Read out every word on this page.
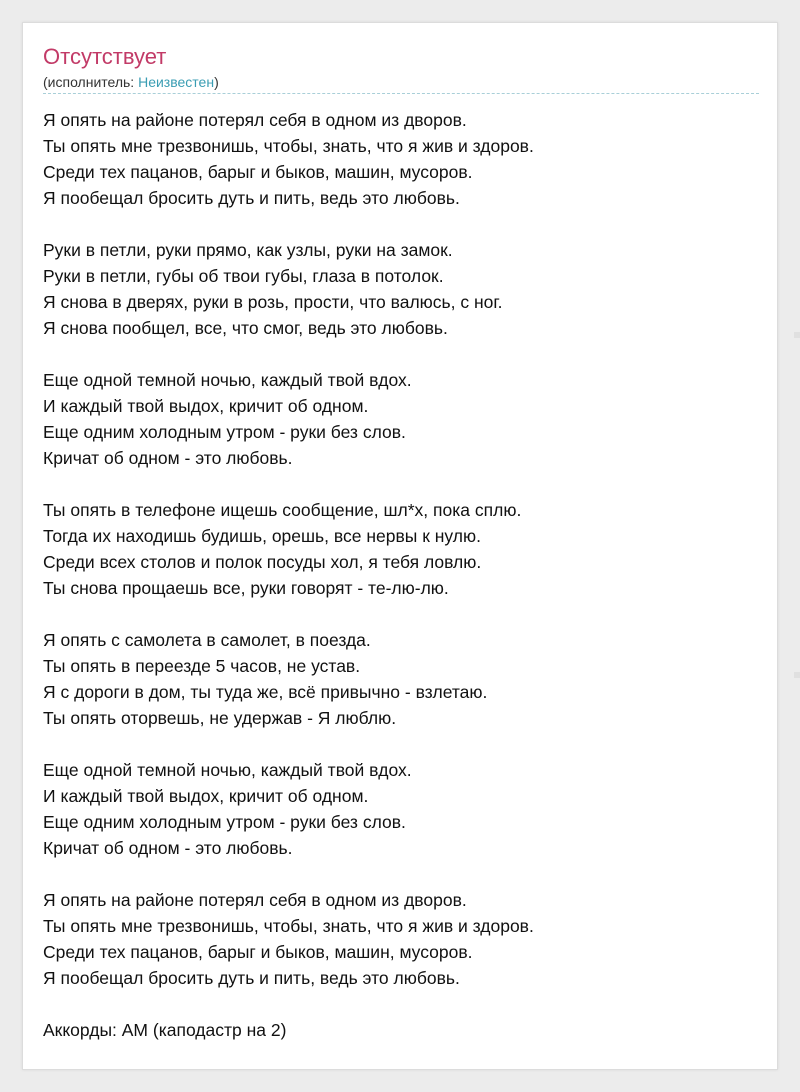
Отсутствует
(исполнитель: Неизвестен)
Я опять на районе потерял себя в одном из дворов.
Ты опять мне трезвонишь, чтобы, знать, что я жив и здоров.
Среди тех пацанов, барыг и быков, машин, мусоров.
Я пообещал бросить дуть и пить, ведь это любовь.
Руки в петли, руки прямо, как узлы, руки на замок.
Руки в петли, губы об твои губы, глаза в потолок.
Я снова в дверях, руки в розь, прости, что валюсь, с ног.
Я снова пообщел, все, что смог, ведь это любовь.
Еще одной темной ночью, каждый твой вдох.
И каждый твой выдох, кричит об одном.
Еще одним холодным утром - руки без слов.
Кричат об одном - это любовь.
Ты опять в телефоне ищешь сообщение, шл*х, пока сплю.
Тогда их находишь будишь, орешь, все нервы к нулю.
Среди всех столов и полок посуды хол, я тебя ловлю.
Ты снова прощаешь все, руки говорят - те-лю-лю.
Я опять с самолета в самолет, в поезда.
Ты опять в переезде 5 часов, не устав.
Я с дороги в дом, ты туда же, всё привычно - взлетаю.
Ты опять оторвешь, не удержав - Я люблю.
Еще одной темной ночью, каждый твой вдох.
И каждый твой выдох, кричит об одном.
Еще одним холодным утром - руки без слов.
Кричат об одном - это любовь.
Я опять на районе потерял себя в одном из дворов.
Ты опять мне трезвонишь, чтобы, знать, что я жив и здоров.
Среди тех пацанов, барыг и быков, машин, мусоров.
Я пообещал бросить дуть и пить, ведь это любовь.
Аккорды: AM (каподастр на 2)
